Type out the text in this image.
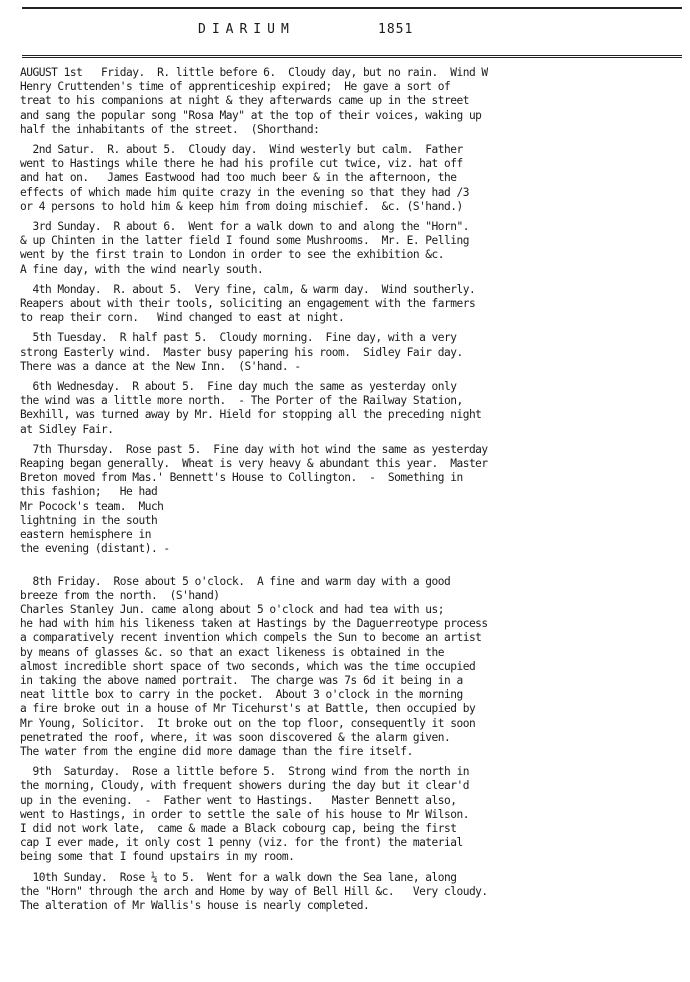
DIARIUM	1851
AUGUST 1st   Friday.  R. little before 6.  Cloudy day, but no rain.  Wind W
Henry Cruttenden's time of apprenticeship expired;  He gave a sort of
treat to his companions at night & they afterwards came up in the street
and sang the popular song "Rosa May" at the top of their voices, waking up
half the inhabitants of the street.  (Shorthand:
2nd Satur.  R. about 5.  Cloudy day.  Wind westerly but calm.  Father
went to Hastings while there he had his profile cut twice, viz. hat off
and hat on.   James Eastwood had too much beer & in the afternoon, the
effects of which made him quite crazy in the evening so that they had /3
or 4 persons to hold him & keep him from doing mischief.  &c. (S'hand.)
3rd Sunday.  R about 6.  Went for a walk down to and along the "Horn".
& up Chinten in the latter field I found some Mushrooms.  Mr. E. Pelling
went by the first train to London in order to see the exhibition &c.
A fine day, with the wind nearly south.
4th Monday.  R. about 5.  Very fine, calm, & warm day.  Wind southerly.
Reapers about with their tools, soliciting an engagement with the farmers
to reap their corn.   Wind changed to east at night.
5th Tuesday.  R half past 5.  Cloudy morning.  Fine day, with a very
strong Easterly wind.  Master busy papering his room.  Sidley Fair day.
There was a dance at the New Inn.  (S'hand. -
6th Wednesday.  R about 5.  Fine day much the same as yesterday only
the wind was a little more north.  - The Porter of the Railway Station,
Bexhill, was turned away by Mr. Hield for stopping all the preceding night
at Sidley Fair.
7th Thursday.  Rose past 5.  Fine day with hot wind the same as yesterday
Reaping began generally.  Wheat is very heavy & abundant this year.  Master
Breton moved from Mas.' Bennett's House to Collington.  -  Something in
this fashion;   He had
Mr Pocock's team.  Much
lightning in the south
eastern hemisphere in
the evening (distant). -
8th Friday.  Rose about 5 o'clock.  A fine and warm day with a good
breeze from the north.  (S'hand)
Charles Stanley Jun. came along about 5 o'clock and had tea with us;
he had with him his likeness taken at Hastings by the Daguerreotype process
a comparatively recent invention which compels the Sun to become an artist
by means of glasses &c. so that an exact likeness is obtained in the
almost incredible short space of two seconds, which was the time occupied
in taking the above named portrait.  The charge was 7s 6d it being in a
neat little box to carry in the pocket.  About 3 o'clock in the morning
a fire broke out in a house of Mr Ticehurst's at Battle, then occupied by
Mr Young, Solicitor.  It broke out on the top floor, consequently it soon
penetrated the roof, where, it was soon discovered & the alarm given.
The water from the engine did more damage than the fire itself.
9th  Saturday.  Rose a little before 5.  Strong wind from the north in
the morning, Cloudy, with frequent showers during the day but it clear'd
up in the evening.  -  Father went to Hastings.   Master Bennett also,
went to Hastings, in order to settle the sale of his house to Mr Wilson.
I did not work late,  came & made a Black cobourg cap, being the first
cap I ever made, it only cost 1 penny (viz. for the front) the material
being some that I found upstairs in my room.
10th Sunday.  Rose ¼ to 5.  Went for a walk down the Sea lane, along
the "Horn" through the arch and Home by way of Bell Hill &c.   Very cloudy.
The alteration of Mr Wallis's house is nearly completed.
